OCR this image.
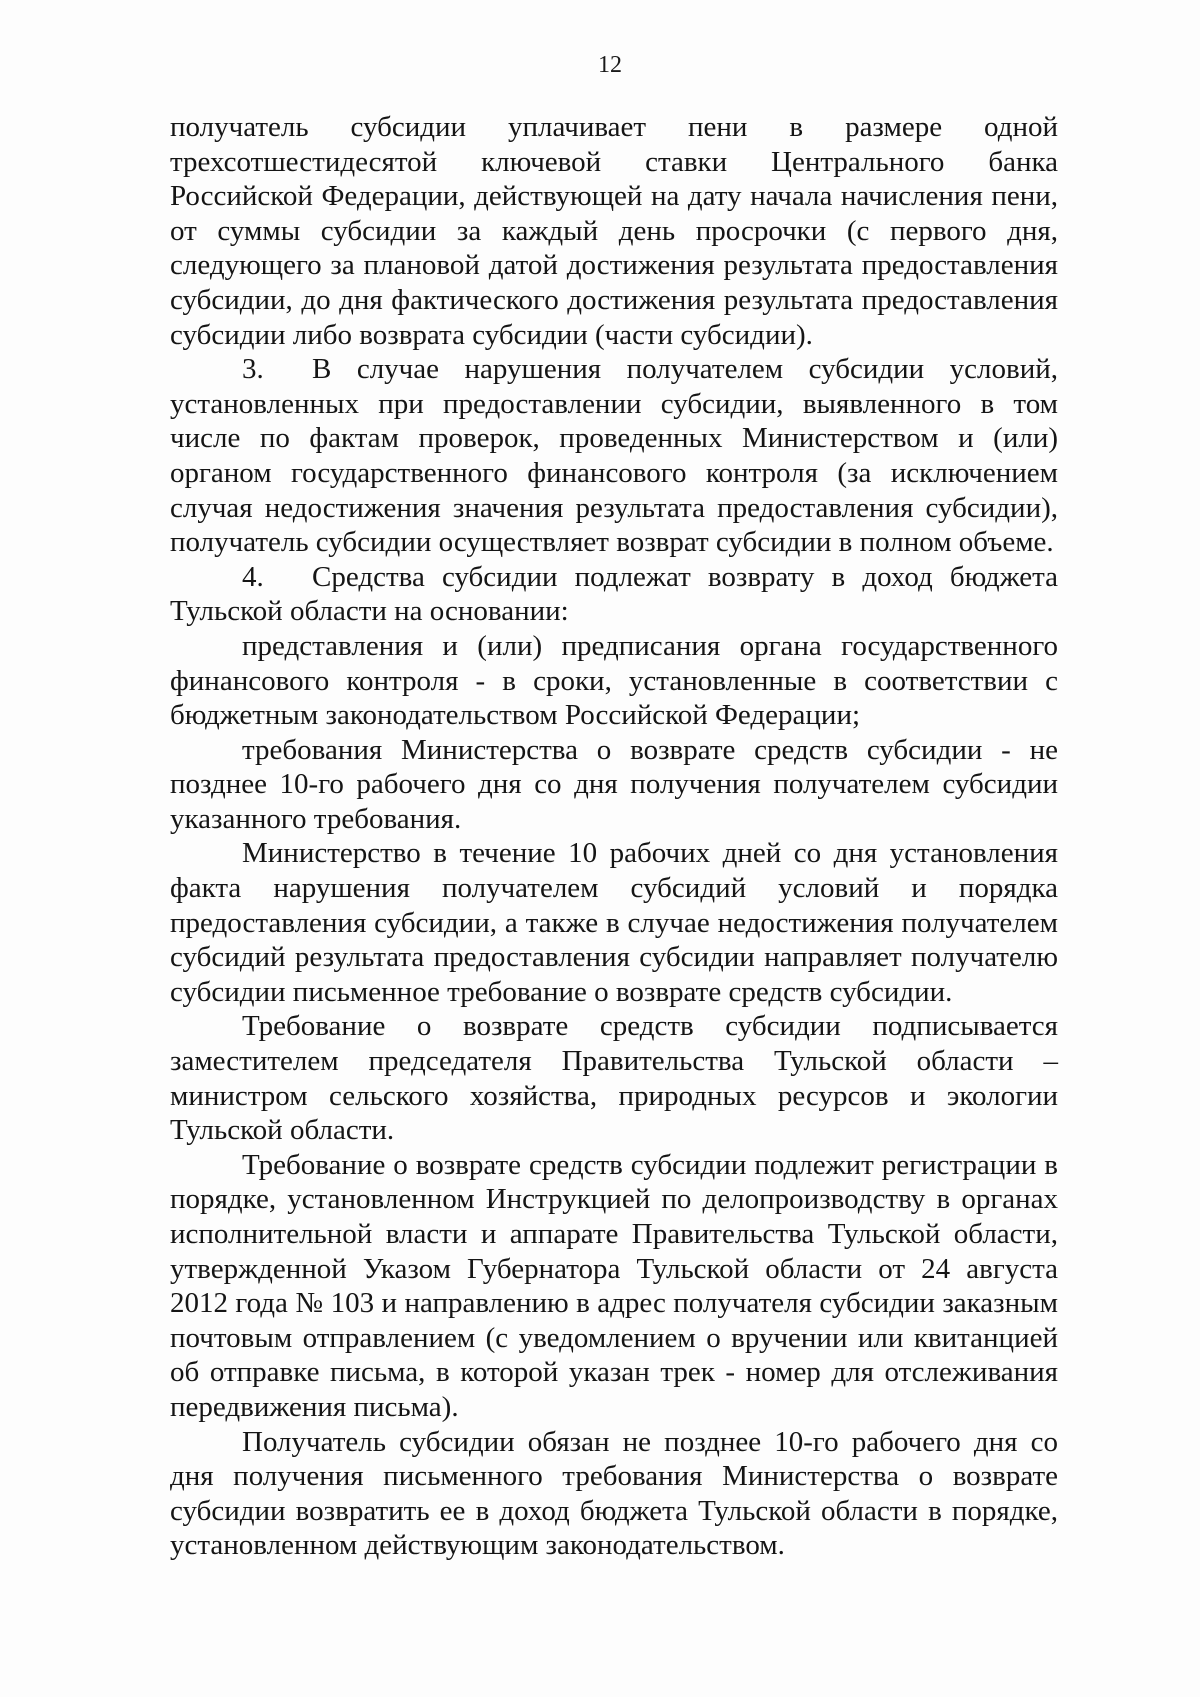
12

получатель субсидии уплачивает пени в размере одной трехсотшестидесятой ключевой ставки Центрального банка Российской Федерации, действующей на дату начала начисления пени, от суммы субсидии за каждый день просрочки (с первого дня, следующего за плановой датой достижения результата предоставления субсидии, до дня фактического достижения результата предоставления субсидии либо возврата субсидии (части субсидии).

3. В случае нарушения получателем субсидии условий, установленных при предоставлении субсидии, выявленного в том числе по фактам проверок, проведенных Министерством и (или) органом государственного финансового контроля (за исключением случая недостижения значения результата предоставления субсидии), получатель субсидии осуществляет возврат субсидии в полном объеме.

4. Средства субсидии подлежат возврату в доход бюджета Тульской области на основании:

представления и (или) предписания органа государственного финансового контроля - в сроки, установленные в соответствии с бюджетным законодательством Российской Федерации;

требования Министерства о возврате средств субсидии - не позднее 10-го рабочего дня со дня получения получателем субсидии указанного требования.

Министерство в течение 10 рабочих дней со дня установления факта нарушения получателем субсидий условий и порядка предоставления субсидии, а также в случае недостижения получателем субсидий результата предоставления субсидии направляет получателю субсидии письменное требование о возврате средств субсидии.

Требование о возврате средств субсидии подписывается заместителем председателя Правительства Тульской области – министром сельского хозяйства, природных ресурсов и экологии Тульской области.

Требование о возврате средств субсидии подлежит регистрации в порядке, установленном Инструкцией по делопроизводству в органах исполнительной власти и аппарате Правительства Тульской области, утвержденной Указом Губернатора Тульской области от 24 августа 2012 года № 103 и направлению в адрес получателя субсидии заказным почтовым отправлением (с уведомлением о вручении или квитанцией об отправке письма, в которой указан трек - номер для отслеживания передвижения письма).

Получатель субсидии обязан не позднее 10-го рабочего дня со дня получения письменного требования Министерства о возврате субсидии возвратить ее в доход бюджета Тульской области в порядке, установленном действующим законодательством.
